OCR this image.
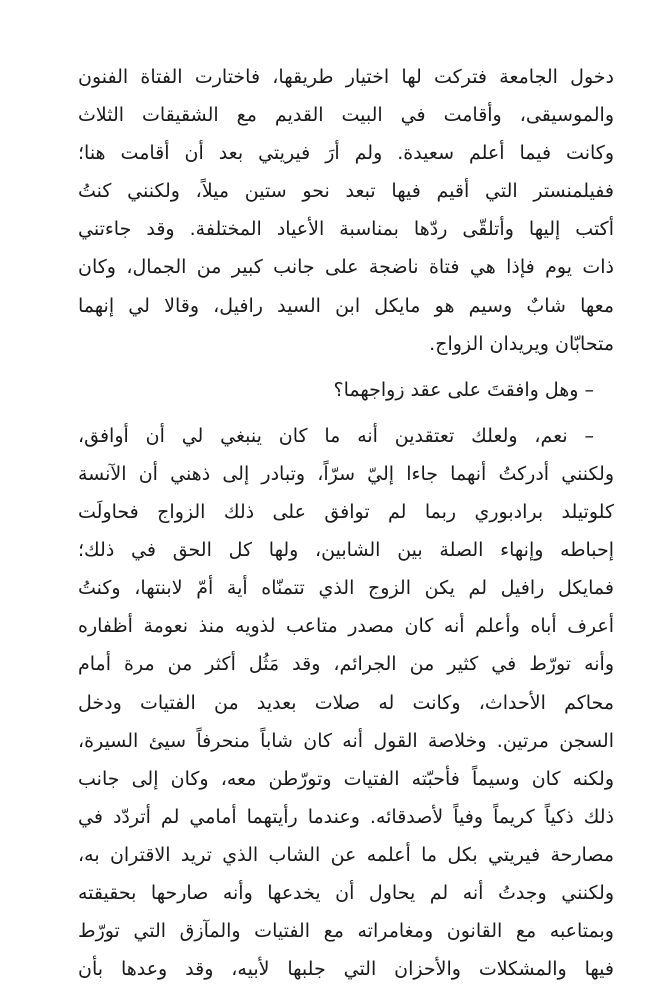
دخول الجامعة فتركت لها اختيار طريقها، فاختارت الفتاة الفنون
والموسيقى، وأقامت في البيت القديم مع الشقيقات الثلاث
وكانت فيما أعلم سعيدة. ولم أرَ فيريتي بعد أن أقامت هنا؛
ففيلمنستر التي أقيم فيها تبعد نحو ستين ميلاً، ولكنني كنتُ
أكتب إليها وأتلقّى ردّها بمناسبة الأعياد المختلفة. وقد جاءتني
ذات يوم فإذا هي فتاة ناضجة على جانب كبير من الجمال، وكان
معها شابٌ وسيم هو مايكل ابن السيد رافيل، وقالا لي إنهما
متحابّان ويريدان الزواج.
– وهل وافقتَ على عقد زواجهما؟
– نعم، ولعلك تعتقدين أنه ما كان ينبغي لي أن أوافق،
ولكنني أدركتُ أنهما جاءا إليّ سرّاً، وتبادر إلى ذهني أن الآنسة
كلوتيلد برادبوري ربما لم توافق على ذلك الزواج فحاولَت
إحباطه وإنهاء الصلة بين الشابين، ولها كل الحق في ذلك؛
فمايكل رافيل لم يكن الزوج الذي تتمنّاه أية أمّ لابنتها، وكنتُ
أعرف أباه وأعلم أنه كان مصدر متاعب لذويه منذ نعومة أظفاره
وأنه تورّط في كثير من الجرائم، وقد مَثُل أكثر من مرة أمام
محاكم الأحداث، وكانت له صلات بعديد من الفتيات ودخل
السجن مرتين. وخلاصة القول أنه كان شاباً منحرفاً سيئ السيرة،
ولكنه كان وسيماً فأحبّته الفتيات وتورّطن معه، وكان إلى جانب
ذلك ذكياً كريماً وفياً لأصدقائه. وعندما رأيتهما أمامي لم أتردّد في
مصارحة فيريتي بكل ما أعلمه عن الشاب الذي تريد الاقتران به،
ولكنني وجدتُ أنه لم يحاول أن يخدعها وأنه صارحها بحقيقته
وبمتاعبه مع القانون ومغامراته مع الفتيات والمآزق التي تورّط
فيها والمشكلات والأحزان التي جلبها لأبيه، وقد وعدها بأن
